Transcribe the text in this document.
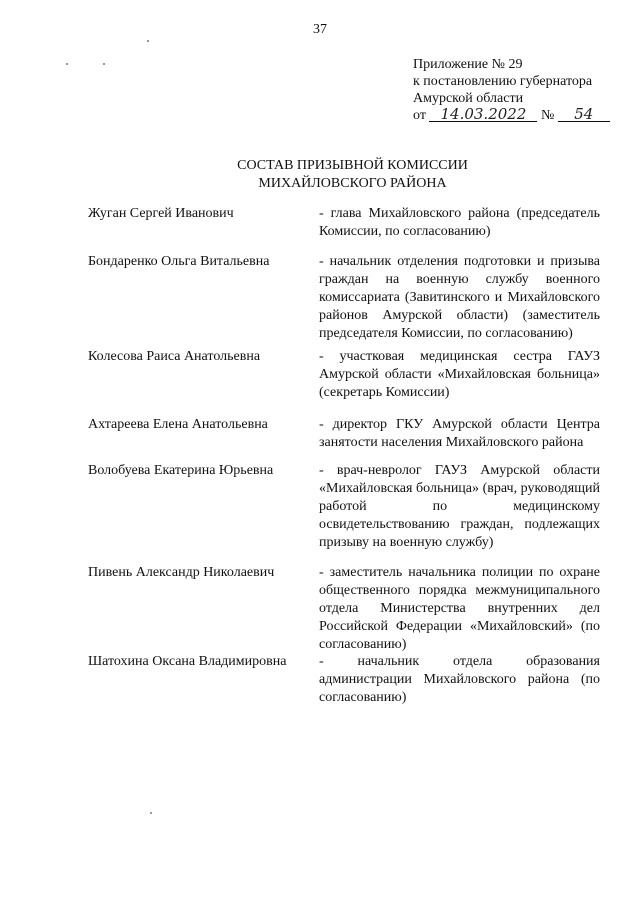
37
Приложение № 29
к постановлению губернатора
Амурской области
от 14.03.2022 № 54
СОСТАВ ПРИЗЫВНОЙ КОМИССИИ
МИХАЙЛОВСКОГО РАЙОНА
Жуган Сергей Иванович	- глава Михайловского района (председатель Комиссии, по согласованию)
Бондаренко Ольга Витальевна	- начальник отделения подготовки и призыва граждан на военную службу военного комиссариата (Завитинского и Михайловского районов Амурской области) (заместитель председателя Комиссии, по согласованию)
Колесова Раиса Анатольевна	- участковая медицинская сестра ГАУЗ Амурской области «Михайловская больница» (секретарь Комиссии)
Ахтареева Елена Анатольевна	- директор ГКУ Амурской области Центра занятости населения Михайловского района
Волобуева Екатерина Юрьевна	- врач-невролог ГАУЗ Амурской области «Михайловская больница» (врач, руководящий работой по медицинскому освидетельствованию граждан, подлежащих призыву на военную службу)
Пивень Александр Николаевич	- заместитель начальника полиции по охране общественного порядка межмуниципального отдела Министерства внутренних дел Российской Федерации «Михайловский» (по согласованию)
Шатохина Оксана Владимировна	- начальник отдела образования администрации Михайловского района (по согласованию)
